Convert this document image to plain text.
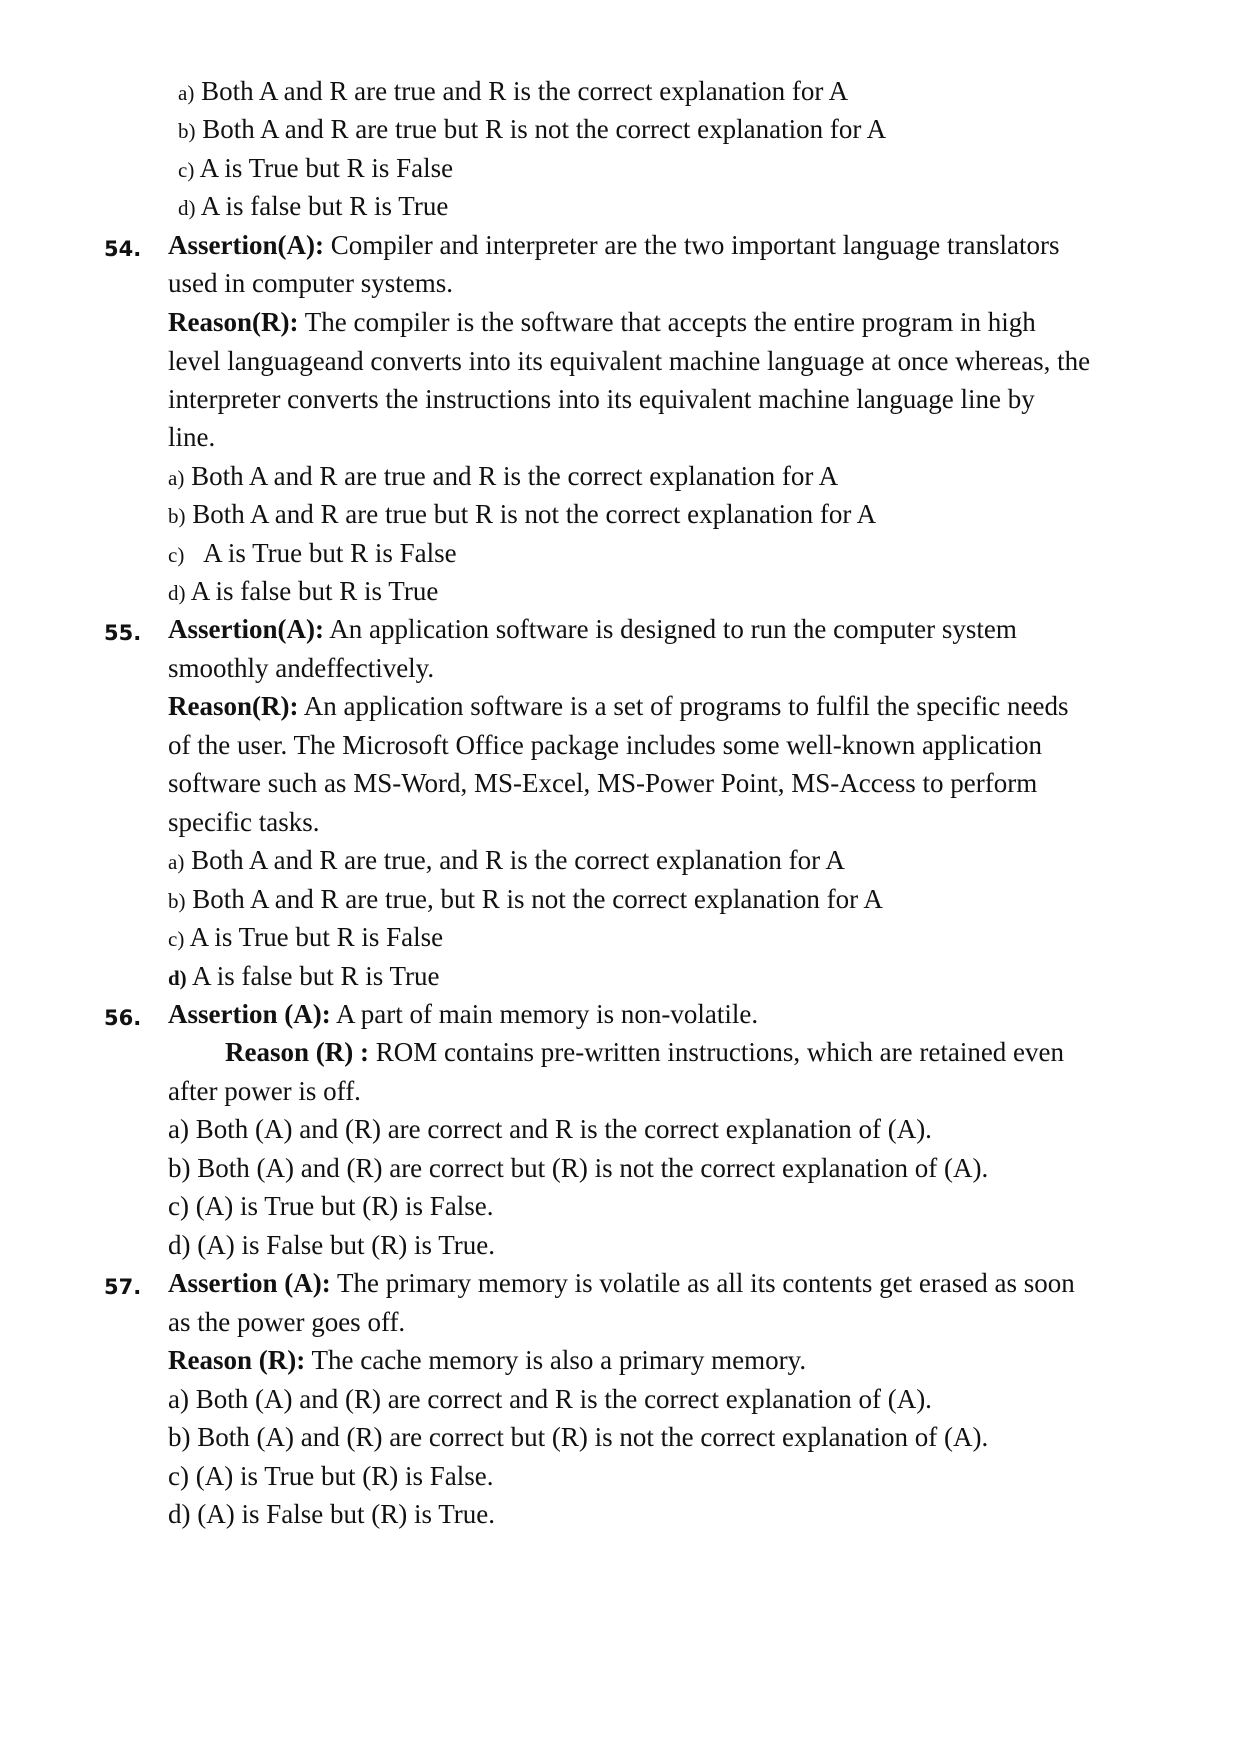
a) Both A and R are true and R is the correct explanation for A
b) Both A and R are true but R is not the correct explanation for A
c) A is True but R is False
d) A is false but R is True
54. Assertion(A): Compiler and interpreter are the two important language translators
used in computer systems.
Reason(R): The compiler is the software that accepts the entire program in high
level languageand converts into its equivalent machine language at once whereas, the
interpreter converts the instructions into its equivalent machine language line by
line.
a) Both A and R are true and R is the correct explanation for A
b) Both A and R are true but R is not the correct explanation for A
c) A is True but R is False
d) A is false but R is True
55. Assertion(A): An application software is designed to run the computer system
smoothly andeffectively.
Reason(R): An application software is a set of programs to fulfil the specific needs
of the user. The Microsoft Office package includes some well-known application
software such as MS-Word, MS-Excel, MS-Power Point, MS-Access to perform
specific tasks.
a) Both A and R are true, and R is the correct explanation for A
b) Both A and R are true, but R is not the correct explanation for A
c) A is True but R is False
d) A is false but R is True
56. Assertion (A): A part of main memory is non-volatile.
Reason (R) : ROM contains pre-written instructions, which are retained even
after power is off.
a) Both (A) and (R) are correct and R is the correct explanation of (A).
b) Both (A) and (R) are correct but (R) is not the correct explanation of (A).
c) (A) is True but (R) is False.
d) (A) is False but (R) is True.
57. Assertion (A): The primary memory is volatile as all its contents get erased as soon
as the power goes off.
Reason (R): The cache memory is also a primary memory.
a) Both (A) and (R) are correct and R is the correct explanation of (A).
b) Both (A) and (R) are correct but (R) is not the correct explanation of (A).
c) (A) is True but (R) is False.
d) (A) is False but (R) is True.
